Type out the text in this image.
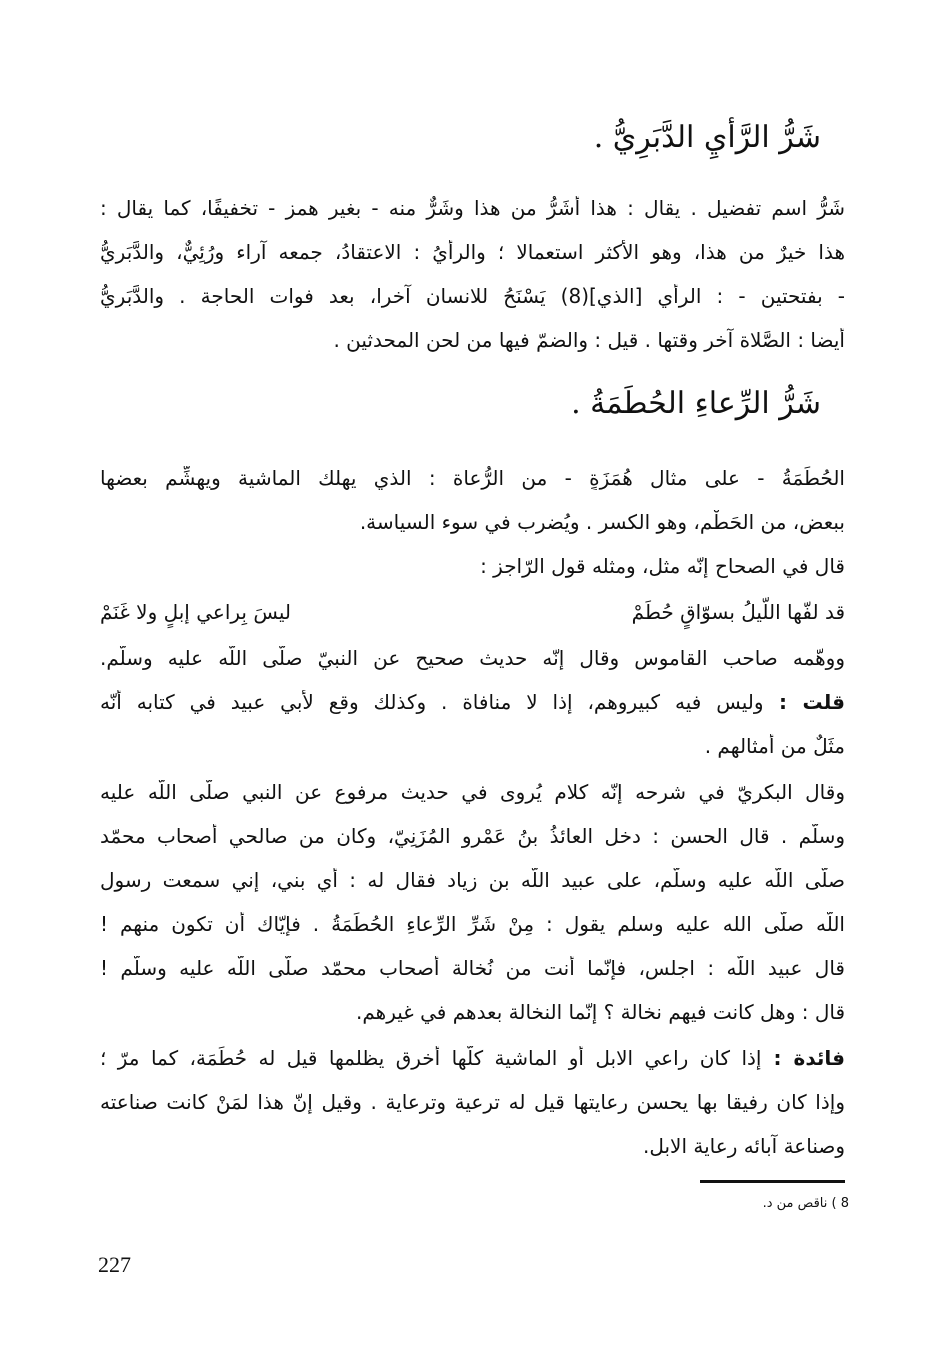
شَرُّ الرَّأيِ الدَّبَرِيُّ .
شَرُّ اسم تفضيل . يقال : هذا أشَرُّ من هذا وشَرٌّ منه - بغير همز - تخفيفًا، كما يقال :
هذا خيرٌ من هذا، وهو الأكثر استعمالا ؛ والرأيُ : الاعتقادُ، جمعه آراء ورُئِيٌّ، والدَّبَرِيُّ
- بفتحتين - : الرأي [الذي](8) يَسْنَحُ للانسان آخرا، بعد فوات الحاجة . والدَّبَرِيُّ
أيضا : الصَّلاة آخر وقتها . قيل : والضمّ فيها من لحن المحدثين .
شَرُّ الرِّعاءِ الحُطَمَةُ .
الحُطَمَةُ - على مثال هُمَزَةٍ - من الرُّعاة : الذي يهلك الماشية ويهشِّم بعضها
ببعض، من الحَطْمِ، وهو الكسر . ويُضرب في سوء السياسة.
قال في الصحاح إنّه مثل، ومثله قول الرّاجز :
قد لفّها اللّيلُ بسوّاقٍ حُطَمْ
ليسَ بِراعي إبلٍ ولا غَنَمْ
ووهّمه صاحب القاموس وقال إنّه حديث صحيح عن النبيّ صلّى اللّه عليه وسلّم.
قلت : وليس فيه كبيروهم، إذا لا منافاة . وكذلك وقع لأبي عبيد في كتابه أنّه
مثَلٌ من أمثالهم .
وقال البكريّ في شرحه إنّه كلام يُروى في حديث مرفوع عن النبي صلّى اللّه عليه
وسلّم . قال الحسن : دخل العائذُ بنُ عَمْرو المُزَنِيّ، وكان من صالحي أصحاب محمّد
صلّى اللّه عليه وسلّم، على عبيد اللّه بن زياد فقال له : أي بني، إني سمعت رسول
اللّه صلّى الله عليه وسلم يقول : مِنْ شَرِّ الرِّعاءِ الحُطَمَةُ . فإيّاك أن تكون منهم !
قال عبيد اللّه : اجلس، فإنّما أنت من نُخالة أصحاب محمّد صلّى اللّه عليه وسلّم !
قال : وهل كانت فيهم نخالة ؟ إنّما النخالة بعدهم في غيرهم.
فائدة : إذا كان راعي الابل أو الماشية كلّها أخرق يظلمها قيل له حُطَمَة، كما مرّ ؛
وإذا كان رفيقا بها يحسن رعايتها قيل له ترعية وترعاية . وقيل إنّ هذا لمَنْ كانت صناعته
وصناعة آبائه رعاية الابل.
8 ) ناقص من د.
227
